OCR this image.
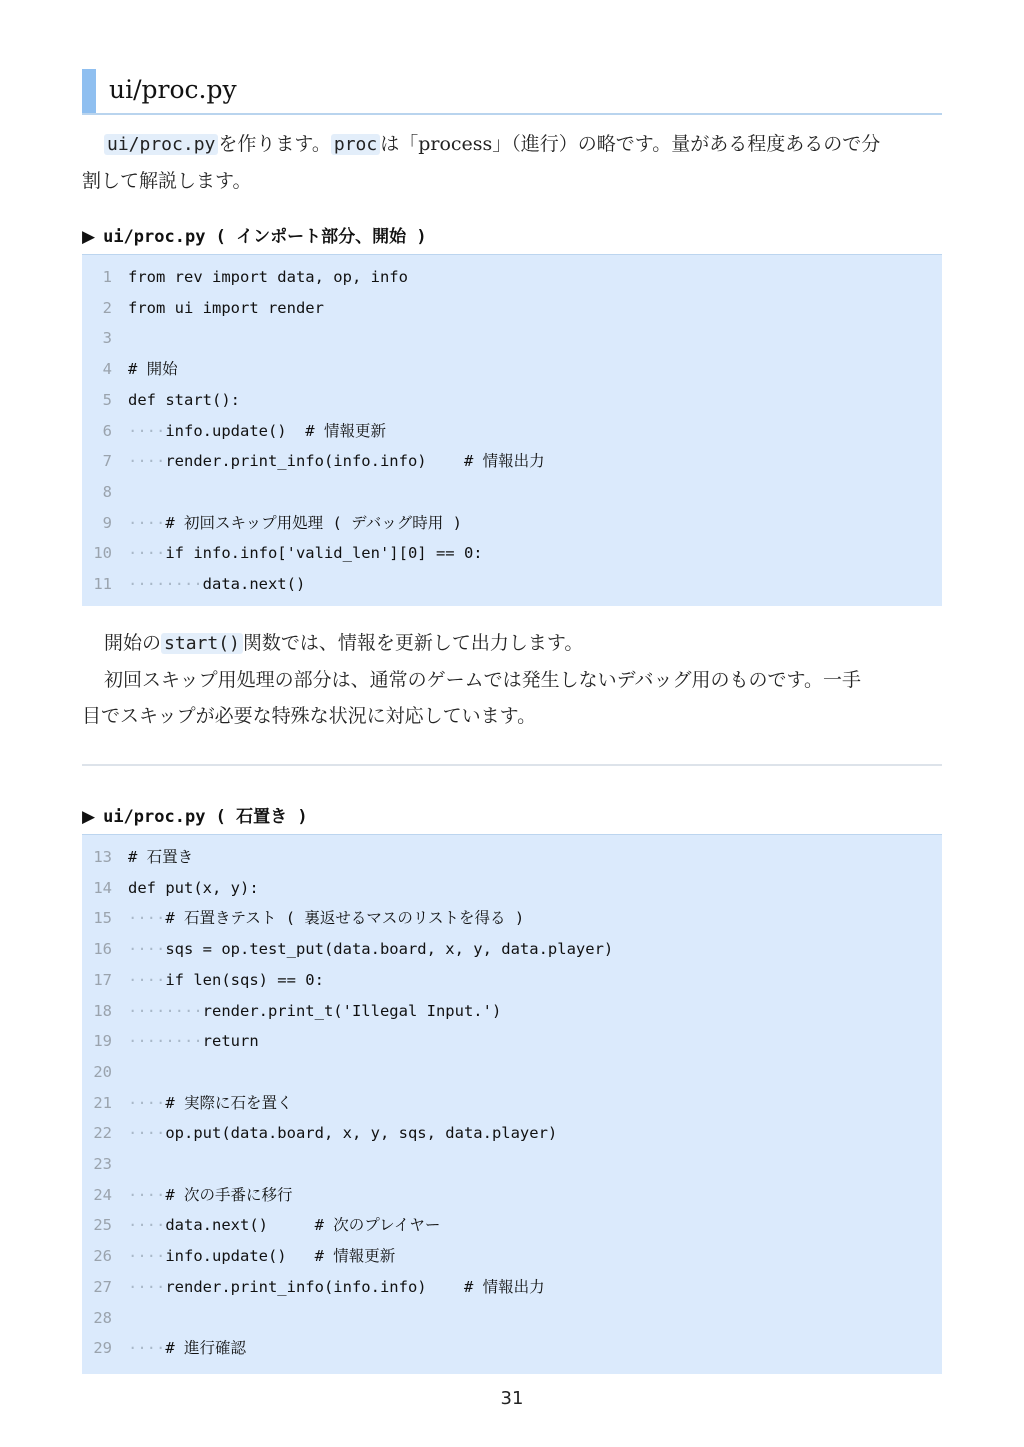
ui/proc.py
ui/proc.py を作ります。 proc は「process」（進行）の略です。量がある程度あるので分
割して解説します。
▶ ui/proc.py ( インポート部分、開始 )
1 from rev import data, op, info
2 from ui import render
3
4 # 開始
5 def start():
6 ····info.update()  # 情報更新
7 ····render.print_info(info.info)    # 情報出力
8
9 ····# 初回スキップ用処理 ( デバッグ時用 )
10 ····if info.info['valid_len'][0] == 0:
11 ········data.next()
開始の start() 関数では、情報を更新して出力します。
初回スキップ用処理の部分は、通常のゲームでは発生しないデバッグ用のものです。一手
目でスキップが必要な特殊な状況に対応しています。
▶ ui/proc.py ( 石置き )
13 # 石置き
14 def put(x, y):
15 ····# 石置きテスト ( 裏返せるマスのリストを得る )
16 ····sqs = op.test_put(data.board, x, y, data.player)
17 ····if len(sqs) == 0:
18 ········render.print_t('Illegal Input.')
19 ········return
20
21 ····# 実際に石を置く
22 ····op.put(data.board, x, y, sqs, data.player)
23
24 ····# 次の手番に移行
25 ····data.next()     # 次のプレイヤー
26 ····info.update()   # 情報更新
27 ····render.print_info(info.info)    # 情報出力
28
29 ····# 進行確認
31
